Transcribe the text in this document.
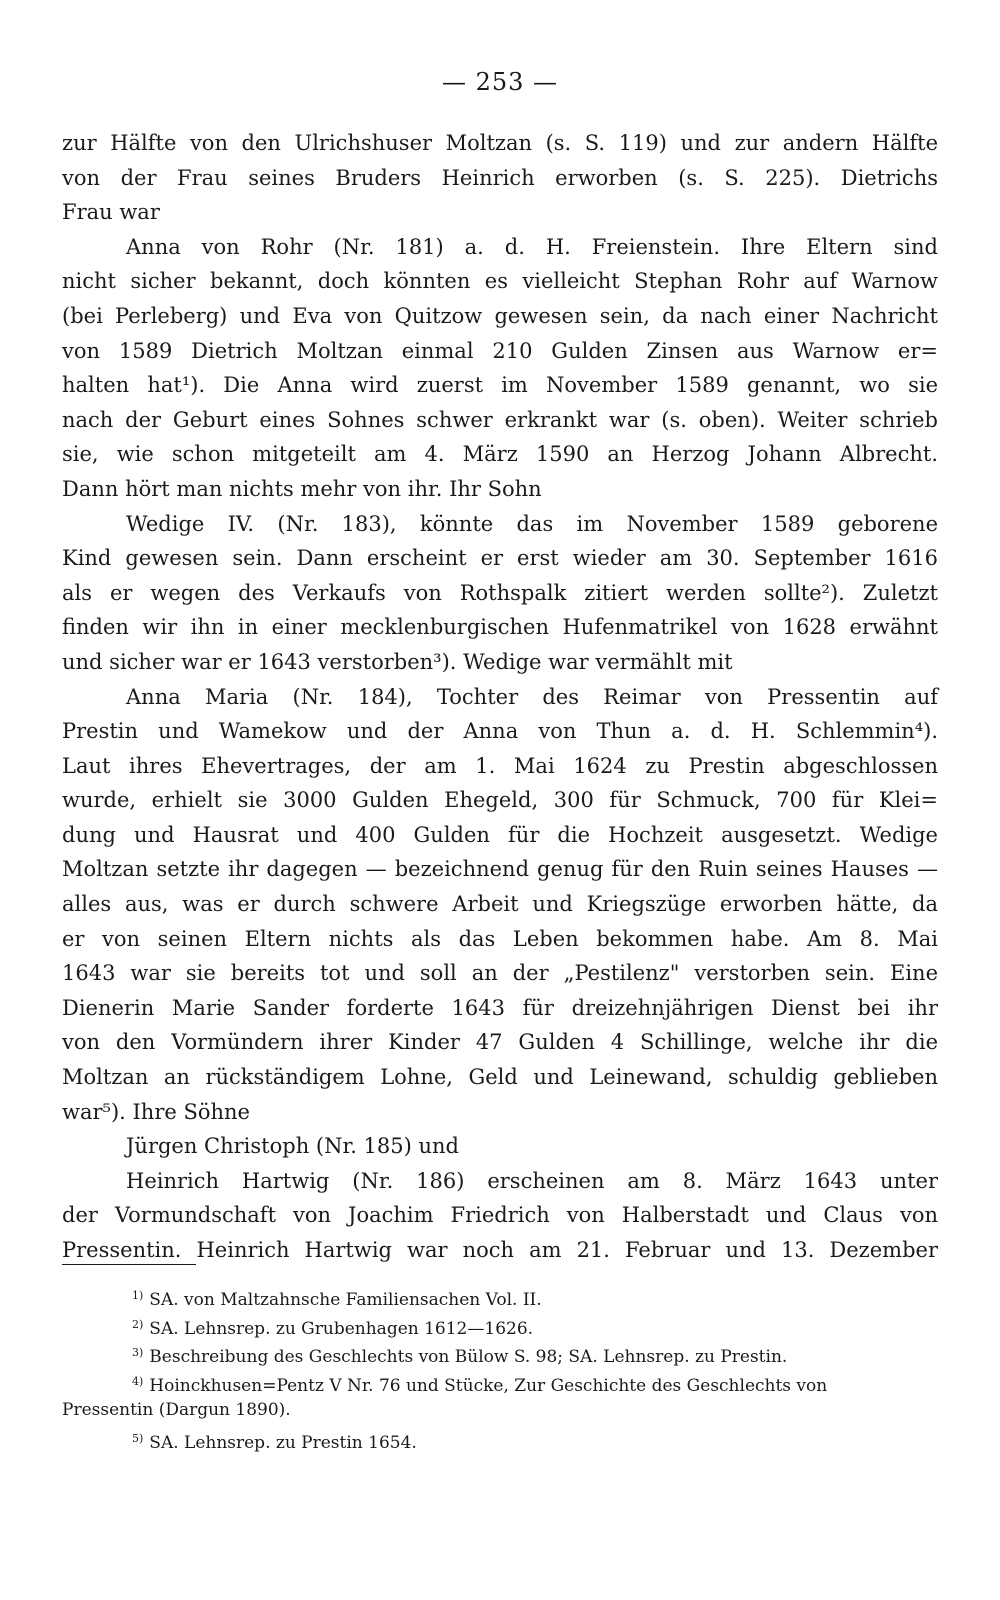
— 253 —
zur Hälfte von den Ulrichshuser Moltzan (s. S. 119) und zur andern Hälfte
von der Frau seines Bruders Heinrich erworben (s. S. 225). Dietrichs
Frau war
Anna von Rohr (Nr. 181) a. d. H. Freienstein. Ihre Eltern sind
nicht sicher bekannt, doch könnten es vielleicht Stephan Rohr auf Warnow
(bei Perleberg) und Eva von Quitzow gewesen sein, da nach einer Nachricht
von 1589 Dietrich Moltzan einmal 210 Gulden Zinsen aus Warnow er=
halten hat¹). Die Anna wird zuerst im November 1589 genannt, wo sie
nach der Geburt eines Sohnes schwer erkrankt war (s. oben). Weiter schrieb
sie, wie schon mitgeteilt am 4. März 1590 an Herzog Johann Albrecht.
Dann hört man nichts mehr von ihr. Ihr Sohn
Wedige IV. (Nr. 183), könnte das im November 1589 geborene
Kind gewesen sein. Dann erscheint er erst wieder am 30. September 1616
als er wegen des Verkaufs von Rothspalk zitiert werden sollte²). Zuletzt
finden wir ihn in einer mecklenburgischen Hufenmatrikel von 1628 erwähnt
und sicher war er 1643 verstorben³). Wedige war vermählt mit
Anna Maria (Nr. 184), Tochter des Reimar von Pressentin auf
Prestin und Wamekow und der Anna von Thun a. d. H. Schlemmin⁴).
Laut ihres Ehevertrages, der am 1. Mai 1624 zu Prestin abgeschlossen
wurde, erhielt sie 3000 Gulden Ehegeld, 300 für Schmuck, 700 für Klei=
dung und Hausrat und 400 Gulden für die Hochzeit ausgesetzt. Wedige
Moltzan setzte ihr dagegen — bezeichnend genug für den Ruin seines Hauses —
alles aus, was er durch schwere Arbeit und Kriegszüge erworben hätte, da
er von seinen Eltern nichts als das Leben bekommen habe. Am 8. Mai
1643 war sie bereits tot und soll an der „Pestilenz" verstorben sein. Eine
Dienerin Marie Sander forderte 1643 für dreizehnjährigen Dienst bei ihr
von den Vormündern ihrer Kinder 47 Gulden 4 Schillinge, welche ihr die
Moltzan an rückständigem Lohne, Geld und Leinewand, schuldig geblieben
war⁵). Ihre Söhne
Jürgen Christoph (Nr. 185) und
Heinrich Hartwig (Nr. 186) erscheinen am 8. März 1643 unter
der Vormundschaft von Joachim Friedrich von Halberstadt und Claus von
Pressentin. Heinrich Hartwig war noch am 21. Februar und 13. Dezember
$^{1)}$ SA. von Maltzahnsche Familiensachen Vol. II.
$^{2)}$ SA. Lehnsrep. zu Grubenhagen 1612—1626.
$^{3)}$ Beschreibung des Geschlechts von Bülow S. 98; SA. Lehnsrep. zu Prestin.
$^{4)}$ Hoinckhusen=Pentz V Nr. 76 und Stücke, Zur Geschichte des Geschlechts von
Pressentin (Dargun 1890).
$^{5)}$ SA. Lehnsrep. zu Prestin 1654.
